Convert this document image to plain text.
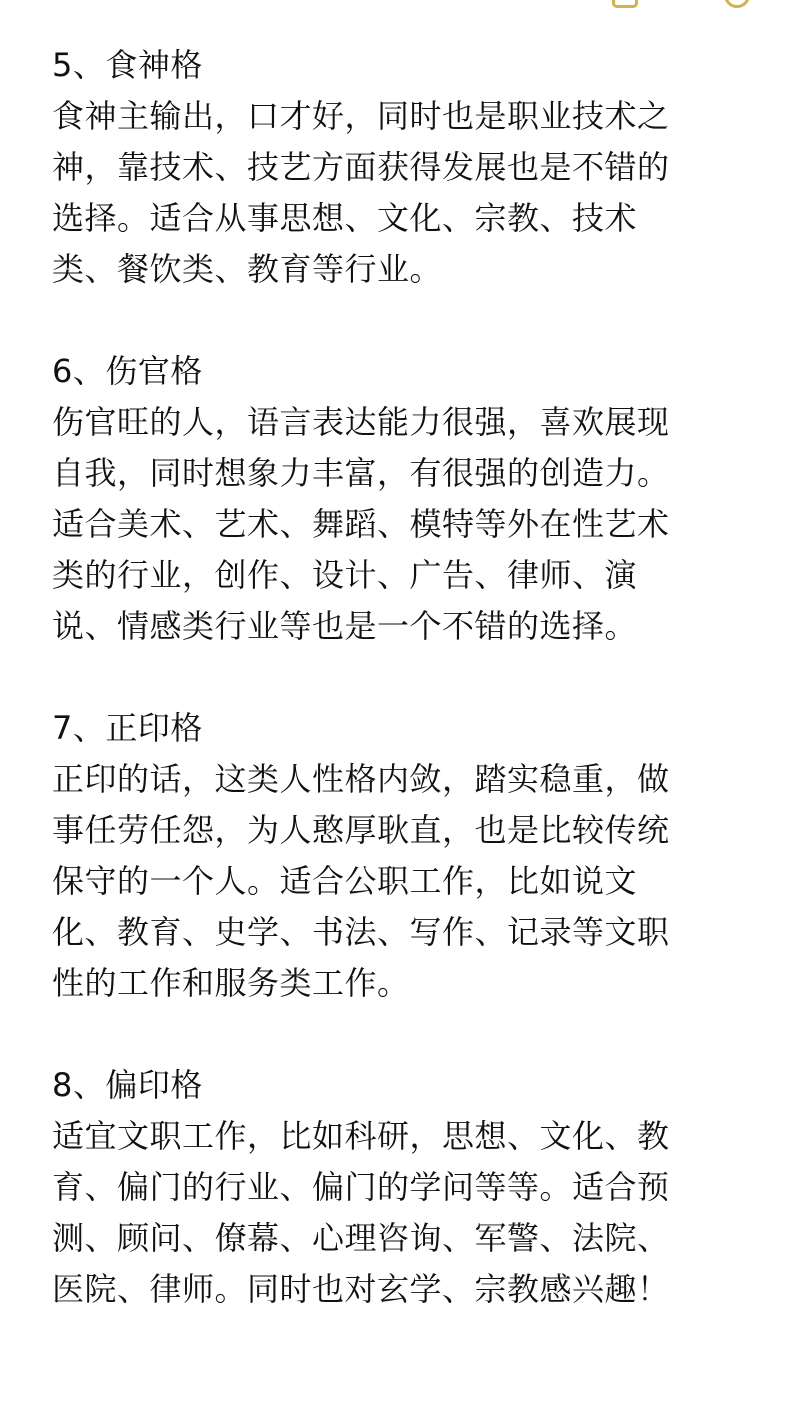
5、食神格

食神主输出，口才好，同时也是职业技术之
神，靠技术、技艺方面获得发展也是不错的
选择。适合从事思想、文化、宗教、技术
类、餐饮类、教育等行业。

6、伤官格

伤官旺的人，语言表达能力很强，喜欢展现
自我，同时想象力丰富，有很强的创造力。
适合美术、艺术、舞蹈、模特等外在性艺术
类的行业，创作、设计、广告、律师、演
说、情感类行业等也是一个不错的选择。

7、正印格

正印的话，这类人性格内敛，踏实稳重，做
事任劳任怨，为人憨厚耿直，也是比较传统
保守的一个人。适合公职工作，比如说文
化、教育、史学、书法、写作、记录等文职
性的工作和服务类工作。

8、偏印格

适宜文职工作，比如科研，思想、文化、教
育、偏门的行业、偏门的学问等等。适合预
测、顾问、僚幕、心理咨询、军警、法院、
医院、律师。同时也对玄学、宗教感兴趣！
